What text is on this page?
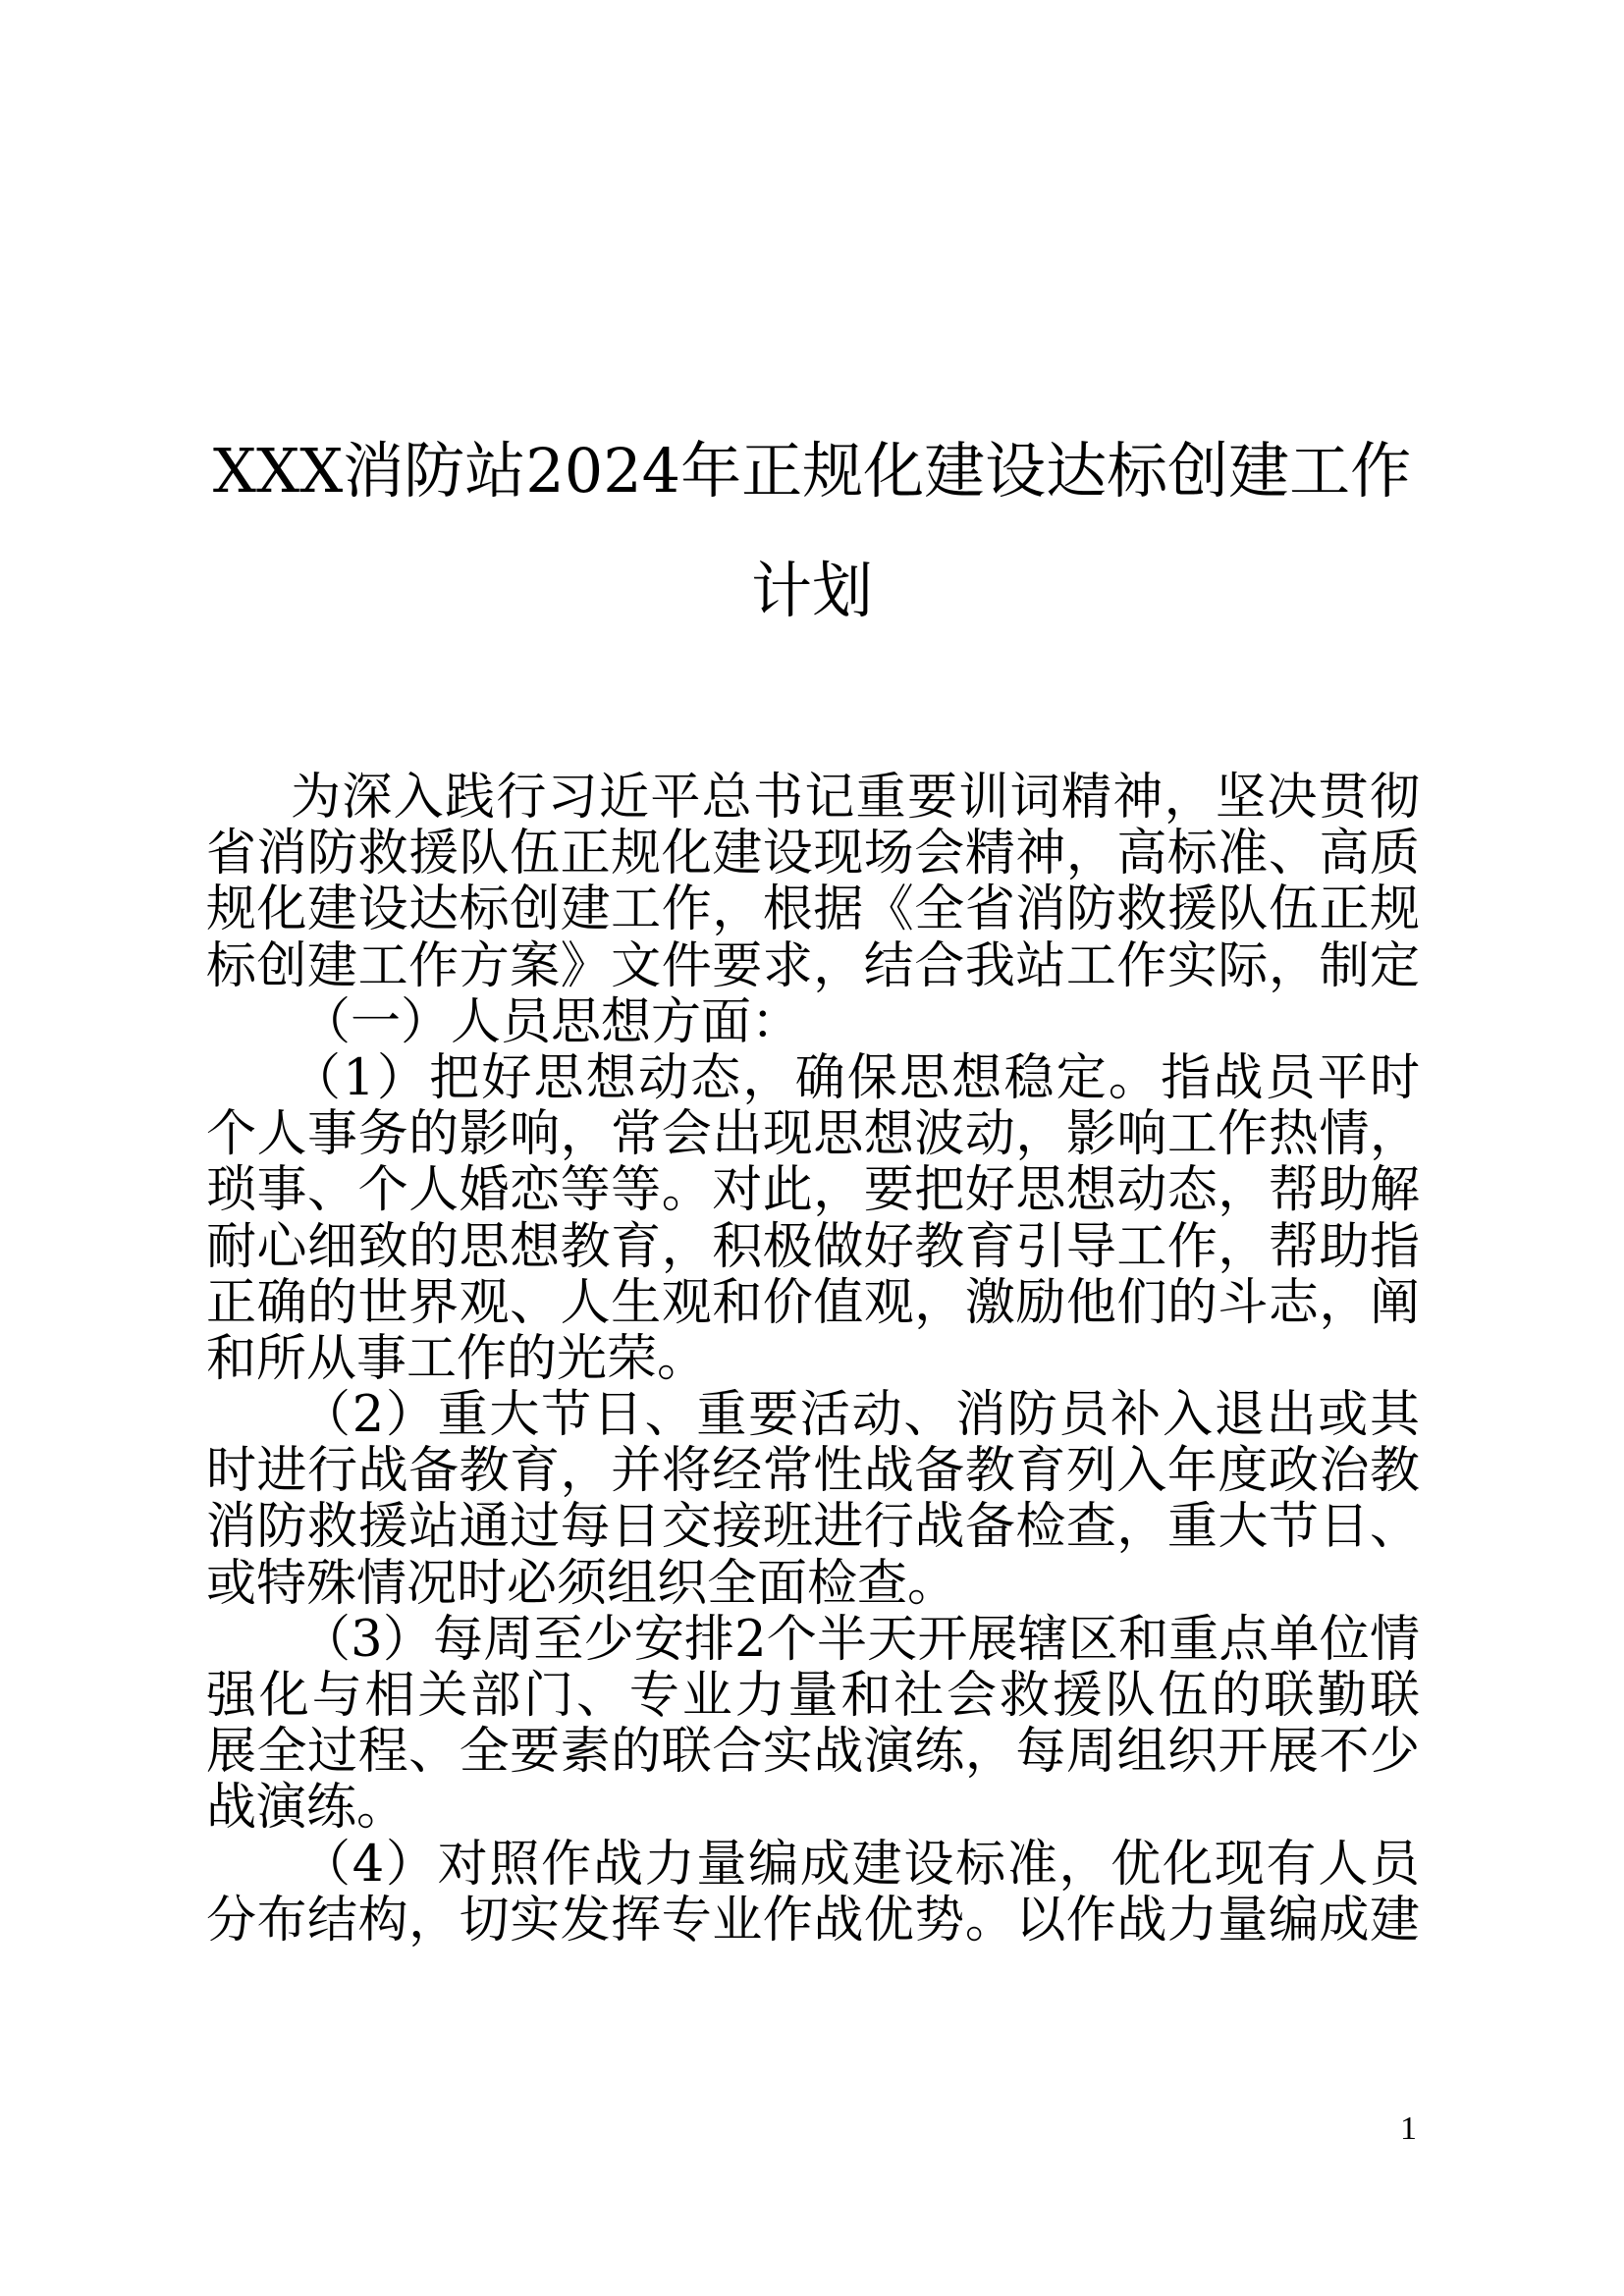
XXX消防站2024年正规化建设达标创建工作
计划
为深入践行习近平总书记重要训词精神，坚决贯彻
省消防救援队伍正规化建设现场会精神，高标准、高质
规化建设达标创建工作，根据《全省消防救援队伍正规
标创建工作方案》文件要求，结合我站工作实际，制定
（一）人员思想方面：
（1）把好思想动态，确保思想稳定。指战员平时
个人事务的影响，常会出现思想波动，影响工作热情，
琐事、个人婚恋等等。对此，要把好思想动态，帮助解
耐心细致的思想教育，积极做好教育引导工作，帮助指
正确的世界观、人生观和价值观，激励他们的斗志，阐
和所从事工作的光荣。
（2）重大节日、重要活动、消防员补入退出或其
时进行战备教育，并将经常性战备教育列入年度政治教
消防救援站通过每日交接班进行战备检查，重大节日、
或特殊情况时必须组织全面检查。
（3）每周至少安排2个半天开展辖区和重点单位情
强化与相关部门、专业力量和社会救援队伍的联勤联
展全过程、全要素的联合实战演练，每周组织开展不少
战演练。
（4）对照作战力量编成建设标准，优化现有人员
分布结构，切实发挥专业作战优势。以作战力量编成建
1
